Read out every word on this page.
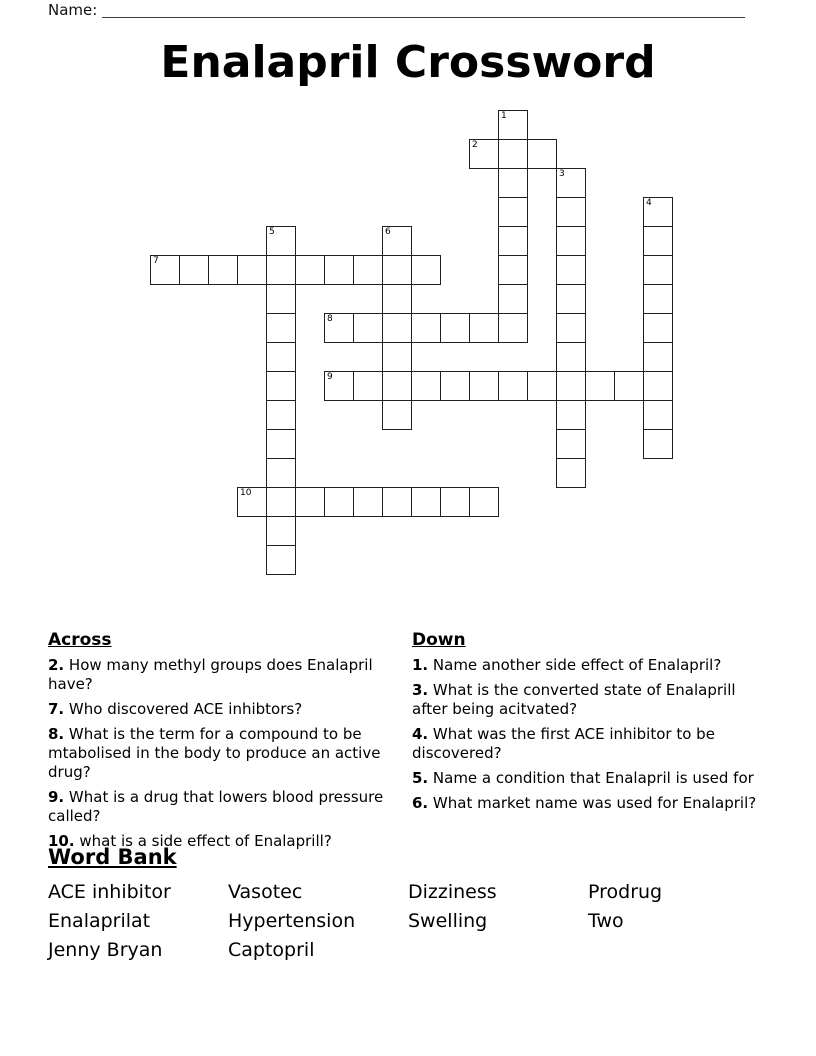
Name:
Enalapril Crossword
1
2
3
4
5	6
7
8
9
10
Across
2. How many methyl groups does Enalapril have?
7. Who discovered ACE inhibtors?
8. What is the term for a compound to be mtabolised in the body to produce an active drug?
9. What is a drug that lowers blood pressure called?
10. what is a side effect of Enalaprill?
Down
1. Name another side effect of Enalapril?
3. What is the converted state of Enalaprill after being acitvated?
4. What was the first ACE inhibitor to be discovered?
5. Name a condition that Enalapril is used for
6. What market name was used for Enalapril?
Word Bank
ACE inhibitor	Vasotec	Dizziness	Prodrug
Enalaprilat	Hypertension	Swelling	Two
Jenny Bryan	Captopril
